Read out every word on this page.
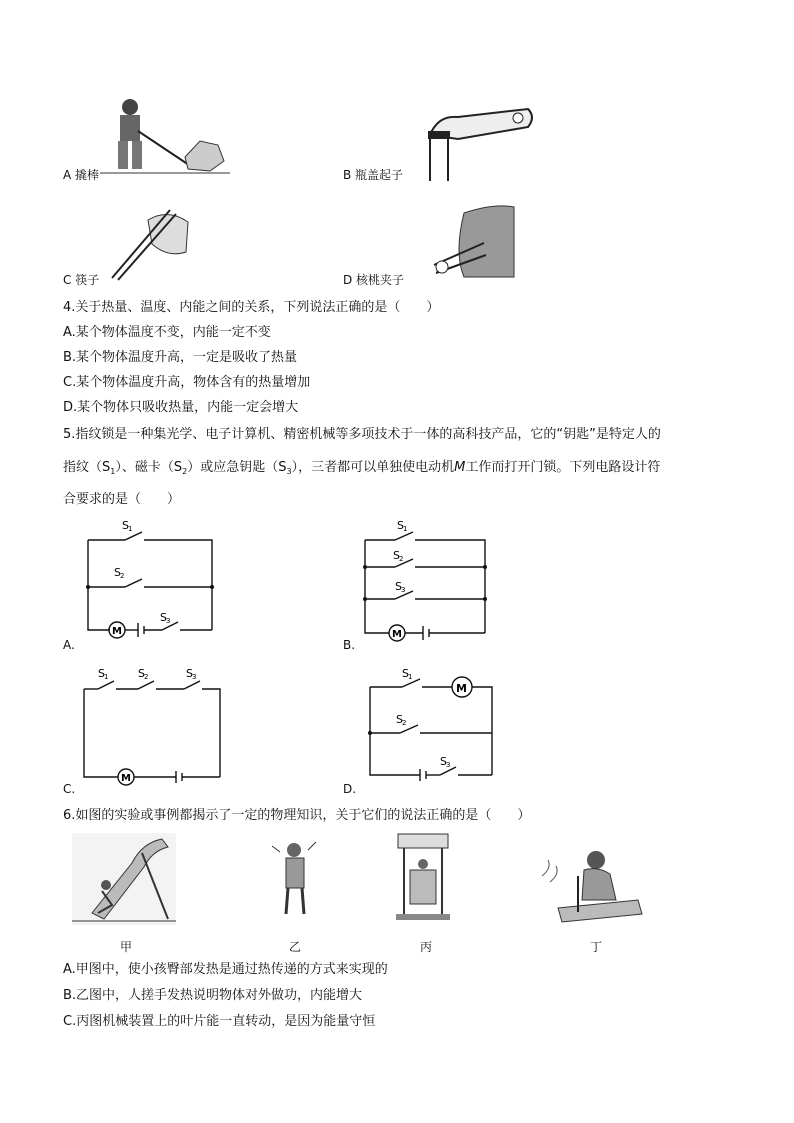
A 撬棒	B 瓶盖起子
C 筷子	D 核桃夹子
4.关于热量、温度、内能之间的关系，下列说法正确的是（　　）
A.某个物体温度不变，内能一定不变
B.某个物体温度升高，一定是吸收了热量
C.某个物体温度升高，物体含有的热量增加
D.某个物体只吸收热量，内能一定会增大
5.指纹锁是一种集光学、电子计算机、精密机械等多项技术于一体的高科技产品，它的“钥匙”是特定人的
指纹$(S_1)$、磁卡$(S_2)$或应急钥匙$(S_3)$，三者都可以单独使电动机M工作而打开门锁。下列电路设计符
合要求的是（　　）
S 1
S 2
S 3
M
A.
S 1
S 2
S 3
M
B.
S 1	S 2	S 3
M
C.
S 1
S 2
S 3
M
D.
6.如图的实验或事例都揭示了一定的物理知识，关于它们的说法正确的是（　　）
甲	乙	丙	丁
A.甲图中，使小孩臀部发热是通过热传递的方式来实现的
B.乙图中，人搓手发热说明物体对外做功，内能增大
C.丙图机械装置上的叶片能一直转动，是因为能量守恒
